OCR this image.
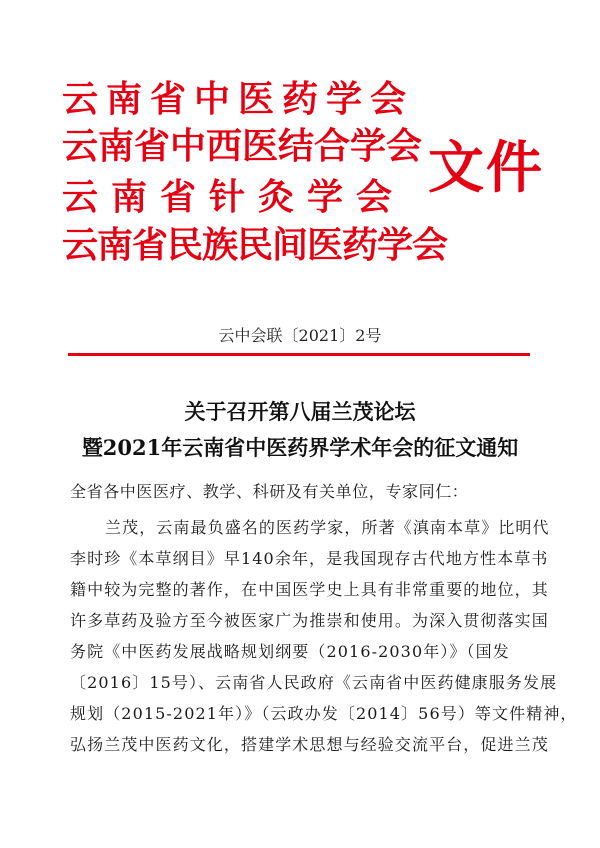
云南省中医药学会
云南省中西医结合学会
云南省针灸学会
云南省民族民间医药学会
文件
云中会联〔2021〕2号
关于召开第八届兰茂论坛
暨2021年云南省中医药界学术年会的征文通知
全省各中医医疗、教学、科研及有关单位，专家同仁：
兰茂，云南最负盛名的医药学家，所著《滇南本草》比明代
李时珍《本草纲目》早140余年，是我国现存古代地方性本草书
籍中较为完整的著作，在中国医学史上具有非常重要的地位，其
许多草药及验方至今被医家广为推崇和使用。为深入贯彻落实国
务院《中医药发展战略规划纲要（2016-2030年）》（国发
〔2016〕15号）、云南省人民政府《云南省中医药健康服务发展
规划（2015-2021年）》（云政办发〔2014〕56号）等文件精神，
弘扬兰茂中医药文化，搭建学术思想与经验交流平台，促进兰茂
